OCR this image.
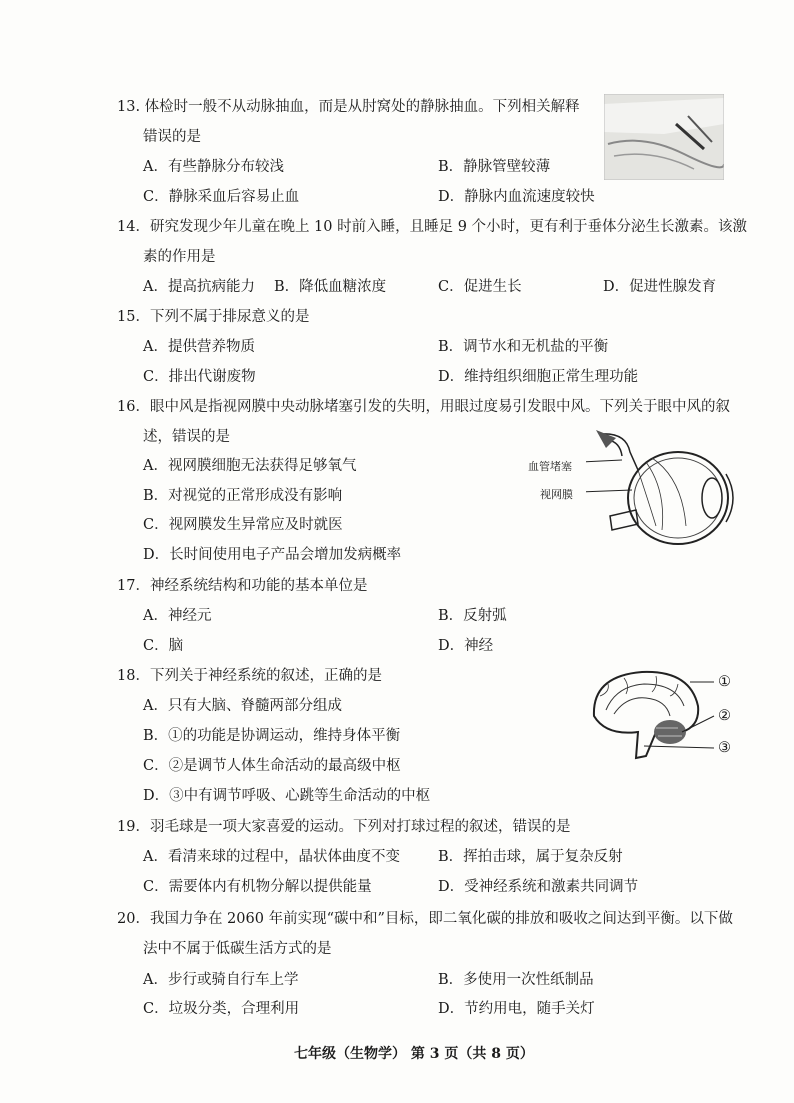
13. 体检时一般不从动脉抽血，而是从肘窝处的静脉抽血。下列相关解释
错误的是
A．有些静脉分布较浅	B．静脉管壁较薄
C．静脉采血后容易止血	D．静脉内血流速度较快
14．研究发现少年儿童在晚上 10 时前入睡，且睡足 9 个小时，更有利于垂体分泌生长激素。该激
素的作用是
A．提高抗病能力 B．降低血糖浓度	C．促进生长	D．促进性腺发育
15．下列不属于排尿意义的是
A．提供营养物质	B．调节水和无机盐的平衡
C．排出代谢废物	D．维持组织细胞正常生理功能
16．眼中风是指视网膜中央动脉堵塞引发的失明，用眼过度易引发眼中风。下列关于眼中风的叙
述，错误的是
A．视网膜细胞无法获得足够氧气
B．对视觉的正常形成没有影响
C．视网膜发生异常应及时就医
D．长时间使用电子产品会增加发病概率
血管堵塞
视网膜
17．神经系统结构和功能的基本单位是
A．神经元	B．反射弧
C．脑	D．神经
18．下列关于神经系统的叙述，正确的是
A．只有大脑、脊髓两部分组成
B．①的功能是协调运动，维持身体平衡
C．②是调节人体生命活动的最高级中枢
D．③中有调节呼吸、心跳等生命活动的中枢
①
②
③
19．羽毛球是一项大家喜爱的运动。下列对打球过程的叙述，错误的是
A．看清来球的过程中，晶状体曲度不变	B．挥拍击球，属于复杂反射
C．需要体内有机物分解以提供能量	D．受神经系统和激素共同调节
20．我国力争在 2060 年前实现“碳中和”目标，即二氧化碳的排放和吸收之间达到平衡。以下做
法中不属于低碳生活方式的是
A．步行或骑自行车上学	B．多使用一次性纸制品
C．垃圾分类，合理利用	D．节约用电，随手关灯
七年级（生物学） 第 3 页（共 8 页）
